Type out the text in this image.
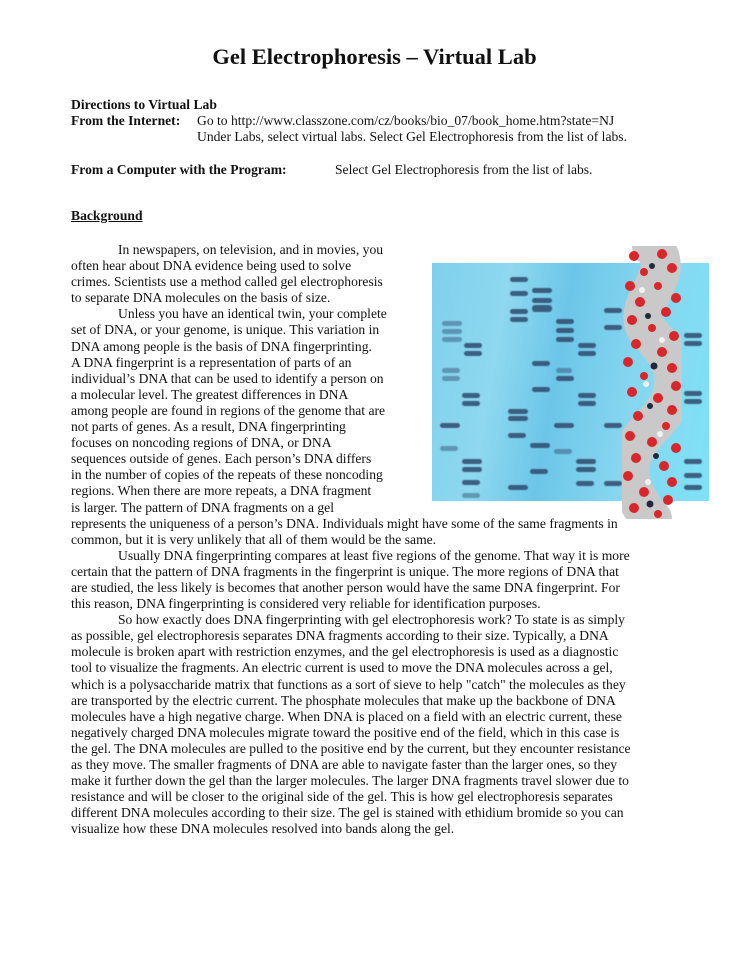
Gel Electrophoresis – Virtual Lab
Directions to Virtual Lab
From the Internet: Go to http://www.classzone.com/cz/books/bio_07/book_home.htm?state=NJ
Under Labs, select virtual labs. Select Gel Electrophoresis from the list of labs.
From a Computer with the Program:	Select Gel Electrophoresis from the list of labs.
Background
In newspapers, on television, and in movies, you
often hear about DNA evidence being used to solve
crimes. Scientists use a method called gel electrophoresis
to separate DNA molecules on the basis of size.
Unless you have an identical twin, your complete
set of DNA, or your genome, is unique. This variation in
DNA among people is the basis of DNA fingerprinting.
A DNA fingerprint is a representation of parts of an
individual’s DNA that can be used to identify a person on
a molecular level. The greatest differences in DNA
among people are found in regions of the genome that are
not parts of genes. As a result, DNA fingerprinting
focuses on noncoding regions of DNA, or DNA
sequences outside of genes. Each person’s DNA differs
in the number of copies of the repeats of these noncoding
regions. When there are more repeats, a DNA fragment
is larger. The pattern of DNA fragments on a gel
represents the uniqueness of a person’s DNA. Individuals might have some of the same fragments in
common, but it is very unlikely that all of them would be the same.
Usually DNA fingerprinting compares at least five regions of the genome. That way it is more
certain that the pattern of DNA fragments in the fingerprint is unique. The more regions of DNA that
are studied, the less likely is becomes that another person would have the same DNA fingerprint. For
this reason, DNA fingerprinting is considered very reliable for identification purposes.
So how exactly does DNA fingerprinting with gel electrophoresis work? To state is as simply
as possible, gel electrophoresis separates DNA fragments according to their size. Typically, a DNA
molecule is broken apart with restriction enzymes, and the gel electrophoresis is used as a diagnostic
tool to visualize the fragments. An electric current is used to move the DNA molecules across a gel,
which is a polysaccharide matrix that functions as a sort of sieve to help "catch" the molecules as they
are transported by the electric current. The phosphate molecules that make up the backbone of DNA
molecules have a high negative charge. When DNA is placed on a field with an electric current, these
negatively charged DNA molecules migrate toward the positive end of the field, which in this case is
the gel. The DNA molecules are pulled to the positive end by the current, but they encounter resistance
as they move. The smaller fragments of DNA are able to navigate faster than the larger ones, so they
make it further down the gel than the larger molecules. The larger DNA fragments travel slower due to
resistance and will be closer to the original side of the gel. This is how gel electrophoresis separates
different DNA molecules according to their size. The gel is stained with ethidium bromide so you can
visualize how these DNA molecules resolved into bands along the gel.
